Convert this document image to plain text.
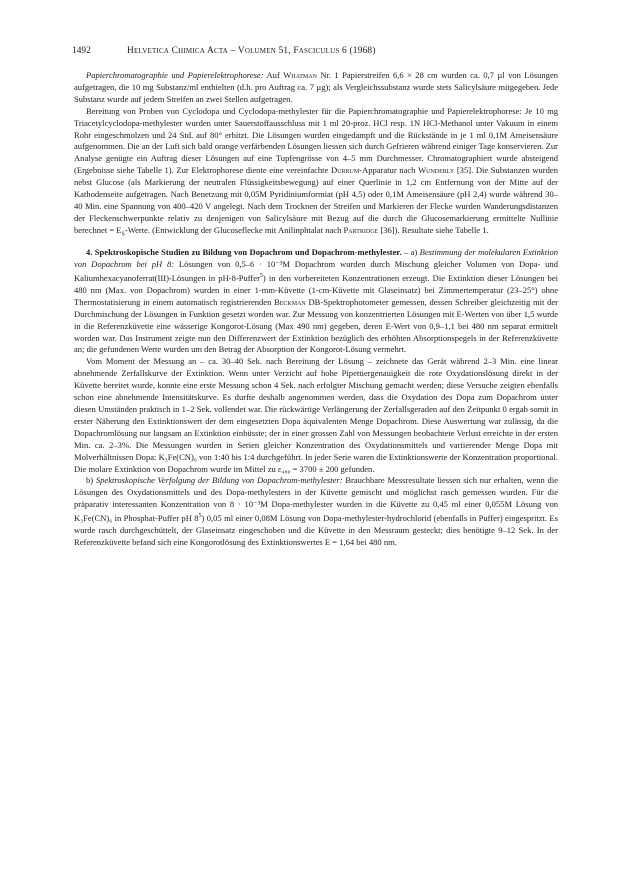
1492	Helvetica Chimica Acta – Volumen 51, Fasciculus 6 (1968)

Papierchromatographie und Papierelektrophorese: Auf Whatman Nr. 1 Papierstreifen 6,6 × 28 cm wurden ca. 0,7 µl von Lösungen aufgetragen, die 10 mg Substanz/ml enthielten (d.h. pro Auftrag ca. 7 µg); als Vergleichssubstanz wurde stets Salicylsäure mitgegeben. Jede Substanz wurde auf jedem Streifen an zwei Stellen aufgetragen.

Bereitung von Proben von Cyclodopa und Cyclodopa-methylester für die Papierchromatographie und Papierelektrophorese: Je 10 mg Triacetylcyclodopa-methylester wurden unter Sauerstoffausschluss mit 1 ml 20-proz. HCl resp. 1N HCl-Methanol unter Vakuum in einem Rohr eingeschmolzen und 24 Std. auf 80° erhitzt. Die Lösungen wurden eingedampft und die Rückstände in je 1 ml 0,1M Ameisensäure aufgenommen. Die an der Luft sich bald orange verfärbenden Lösungen liessen sich durch Gefrieren während einiger Tage konservieren. Zur Analyse genügte ein Auftrag dieser Lösungen auf eine Tupfengrösse von 4–5 mm Durchmesser. Chromatographiert wurde absteigend (Ergebnisse siehe Tabelle 1). Zur Elektrophorese diente eine vereinfachte Durrum-Apparatur nach Wunderly [35]. Die Substanzen wurden nebst Glucose (als Markierung der neutralen Flüssigkeitsbewegung) auf einer Querlinie in 1,2 cm Entfernung von der Mitte auf der Kathodenseite aufgetragen. Nach Benetzung mit 0,05M Pyridiniumformiat (pH 4,5) oder 0,1M Ameisensäure (pH 2,4) wurde während 30–40 Min. eine Spannung von 400–420 V angelegt. Nach dem Trocknen der Streifen und Markieren der Flecke wurden Wanderungsdistanzen der Fleckenschwerpunkte relativ zu denjenigen von Salicylsäure mit Bezug auf die durch die Glucosemarkierung ermittelte Nullinie berechnet = $E_S$-Werte. (Entwicklung der Glucoseflecke mit Anilinphtalat nach Partridge [36]). Resultate siehe Tabelle 1.

4. Spektroskopische Studien zu Bildung von Dopachrom und Dopachrom-methylester. – a) Bestimmung der molekularen Extinktion von Dopachrom bei pH 8: Lösungen von 0,5–6 · 10⁻³M Dopachrom wurden durch Mischung gleicher Volumen von Dopa- und Kaliumhexacyanoferrat(III)-Lösungen in pH-8-Puffer$^5$) in den vorbereiteten Konzentrationen erzeugt. Die Extinktion dieser Lösungen bei 480 nm (Max. von Dopachrom) wurden in einer 1-mm-Küvette (1-cm-Küvette mit Glaseinsatz) bei Zimmertemperatur (23–25°) ohne Thermostatisierung in einem automatisch registrierenden Beckman DB-Spektrophotometer gemessen, dessen Schreiber gleichzeitig mit der Durchmischung der Lösungen in Funktion gesetzt worden war. Zur Messung von konzentrierten Lösungen mit E-Werten von über 1,5 wurde in die Referenzküvette eine wässerige Kongorot-Lösung (Max 490 nm) gegeben, deren E-Wert von 0,9–1,1 bei 480 nm separat ermittelt worden war. Das Instrument zeigte nun den Differenzwert der Extinktion bezüglich des erhöhten Absorptionspegels in der Referenzküvette an; die gefundenen Werte wurden um den Betrag der Absorption der Kongorot-Lösung vermehrt.

Vom Moment der Messung an – ca. 30–40 Sek. nach Bereitung der Lösung – zeichnete das Gerät während 2–3 Min. eine linear abnehmende Zerfallskurve der Extinktion. Wenn unter Verzicht auf hohe Pipettiergenauigkeit die rote Oxydationslösung direkt in der Küvette bereitet wurde, konnte eine erste Messung schon 4 Sek. nach erfolgter Mischung gemacht werden; diese Versuche zeigten ebenfalls schon eine abnehmende Intensitätskurve. Es durfte deshalb angenommen werden, dass die Oxydation des Dopa zum Dopachrom unter diesen Umständen praktisch in 1–2 Sek. vollendet war. Die rückwärtige Verlängerung der Zerfallsgeraden auf den Zeitpunkt 0 ergab somit in erster Näherung den Extinktionswert der dem eingesetzten Dopa äquivalenten Menge Dopachrom. Diese Auswertung war zulässig, da die Dopachromlösung nur langsam an Extinktion einbüsste; der in einer grossen Zahl von Messungen beobachtete Verlust erreichte in der ersten Min. ca. 2–3%. Die Messungen wurden in Serien gleicher Konzentration des Oxydationsmittels und variierender Menge Dopa mit Molverhältnissen Dopa: K₃Fe(CN)₆ von 1:40 bis 1:4 durchgeführt. In jeder Serie waren die Extinktionswerte der Konzentration proportional. Die molare Extinktion von Dopachrom wurde im Mittel zu ε₄₈₀ = 3700 ± 200 gefunden.

b) Spektroskopische Verfolgung der Bildung von Dopachrom-methylester: Brauchbare Messresultate liessen sich nur erhalten, wenn die Lösungen des Oxydationsmittels und des Dopa-methylesters in der Küvette gemischt und möglichst rasch gemessen wurden. Für die präparativ interessanten Konzentration von 8 · 10⁻³M Dopa-methylester wurden in die Küvette zu 0,45 ml einer 0,055M Lösung von K₃Fe(CN)₆ in Phosphat-Puffer pH $8^5$) 0,05 ml einer 0,08M Lösung von Dopa-methylester-hydrochlorid (ebenfalls in Puffer) eingespritzt. Es wurde rasch durchgeschüttelt, der Glaseinsatz eingeschoben und die Küvette in den Messraum gesteckt; dies benötigte 9–12 Sek. In der Referenzküvette befand sich eine Kongorotlösung des Extinktionswertes E = 1,64 bei 480 nm.
